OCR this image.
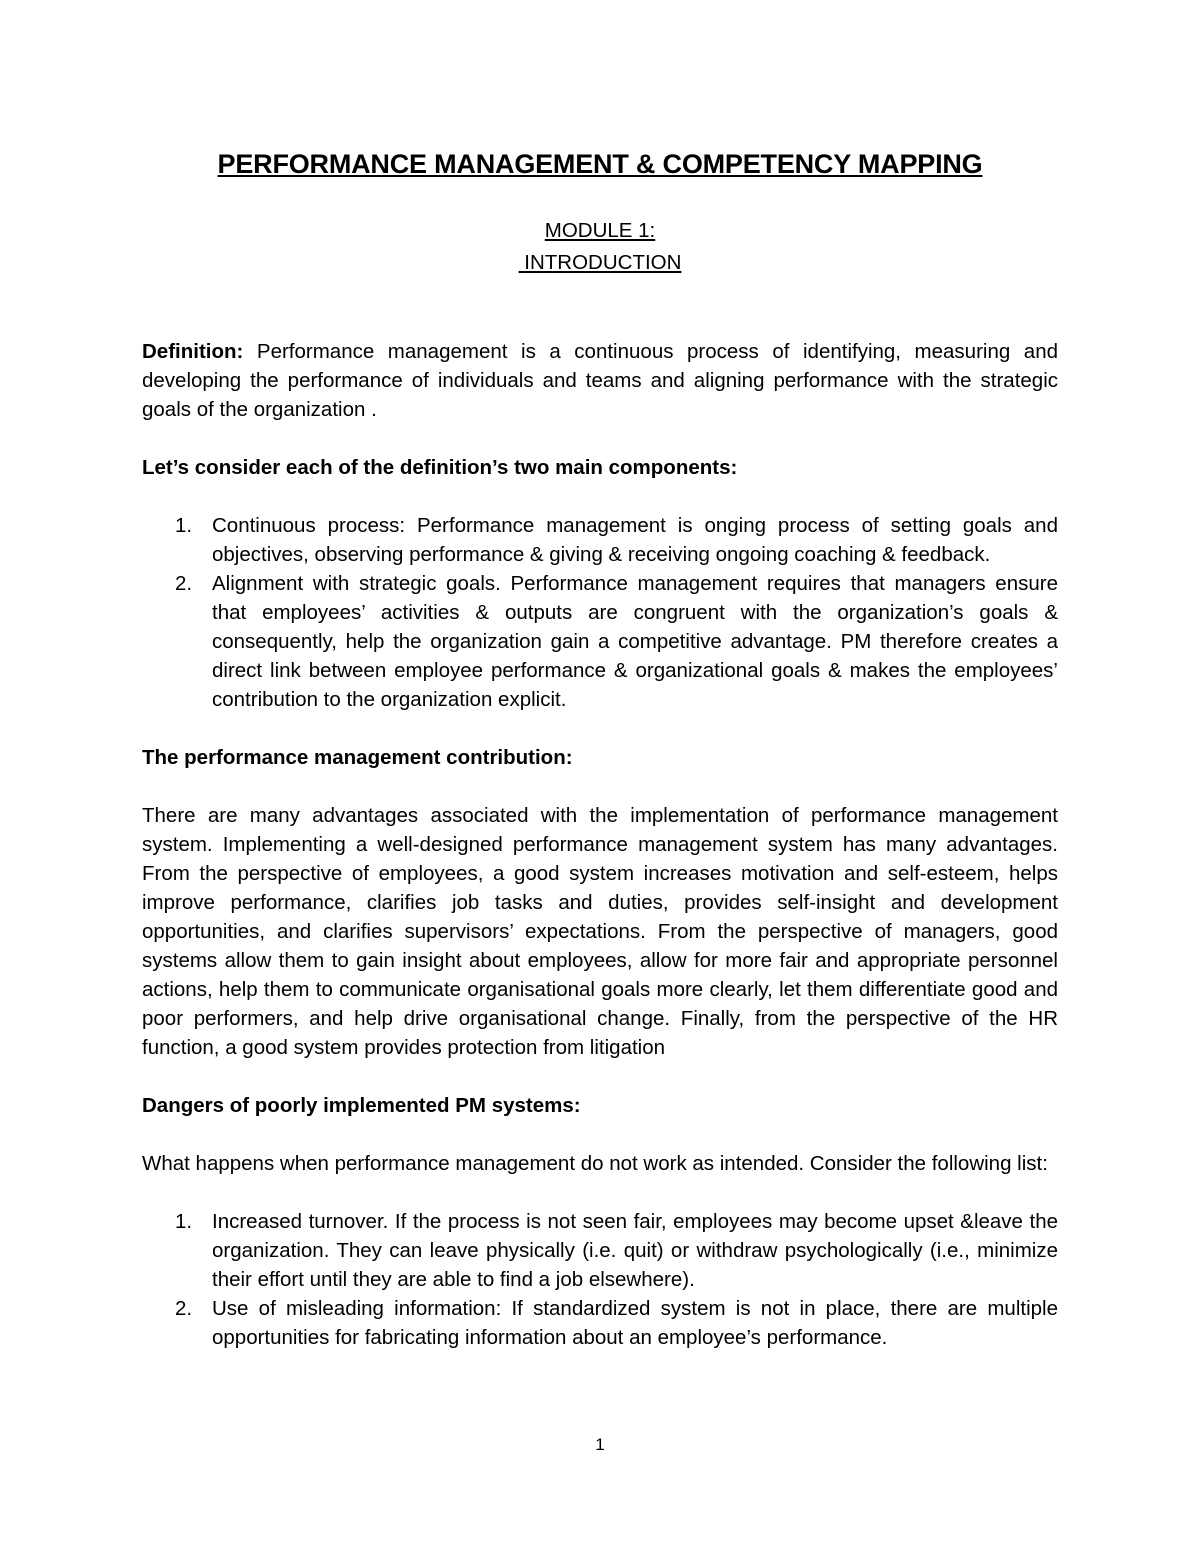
PERFORMANCE MANAGEMENT & COMPETENCY MAPPING
MODULE 1:
INTRODUCTION

Definition: Performance management is a continuous process of identifying, measuring and developing the performance of individuals and teams and aligning performance with the strategic goals of the organization .

Let’s consider each of the definition’s two main components:

1. Continuous process: Performance management is onging process of setting goals and objectives, observing performance & giving & receiving ongoing coaching & feedback.
2. Alignment with strategic goals. Performance management requires that managers ensure that employees’ activities & outputs are congruent with the organization’s goals & consequently, help the organization gain a competitive advantage. PM therefore creates a direct link between employee performance & organizational goals & makes the employees’ contribution to the organization explicit.

The performance management contribution:

There are many advantages associated with the implementation of performance management system. Implementing a well-designed performance management system has many advantages. From the perspective of employees, a good system increases motivation and self-esteem, helps improve performance, clarifies job tasks and duties, provides self-insight and development opportunities, and clarifies supervisors’ expectations. From the perspective of managers, good systems allow them to gain insight about employees, allow for more fair and appropriate personnel actions, help them to communicate organisational goals more clearly, let them differentiate good and poor performers, and help drive organisational change. Finally, from the perspective of the HR function, a good system provides protection from litigation

Dangers of poorly implemented PM systems:

What happens when performance management do not work as intended. Consider the following list:

1. Increased turnover. If the process is not seen fair, employees may become upset &leave the organization. They can leave physically (i.e. quit) or withdraw psychologically (i.e., minimize their effort until they are able to find a job elsewhere).
2. Use of misleading information: If standardized system is not in place, there are multiple opportunities for fabricating information about an employee’s performance.
1
